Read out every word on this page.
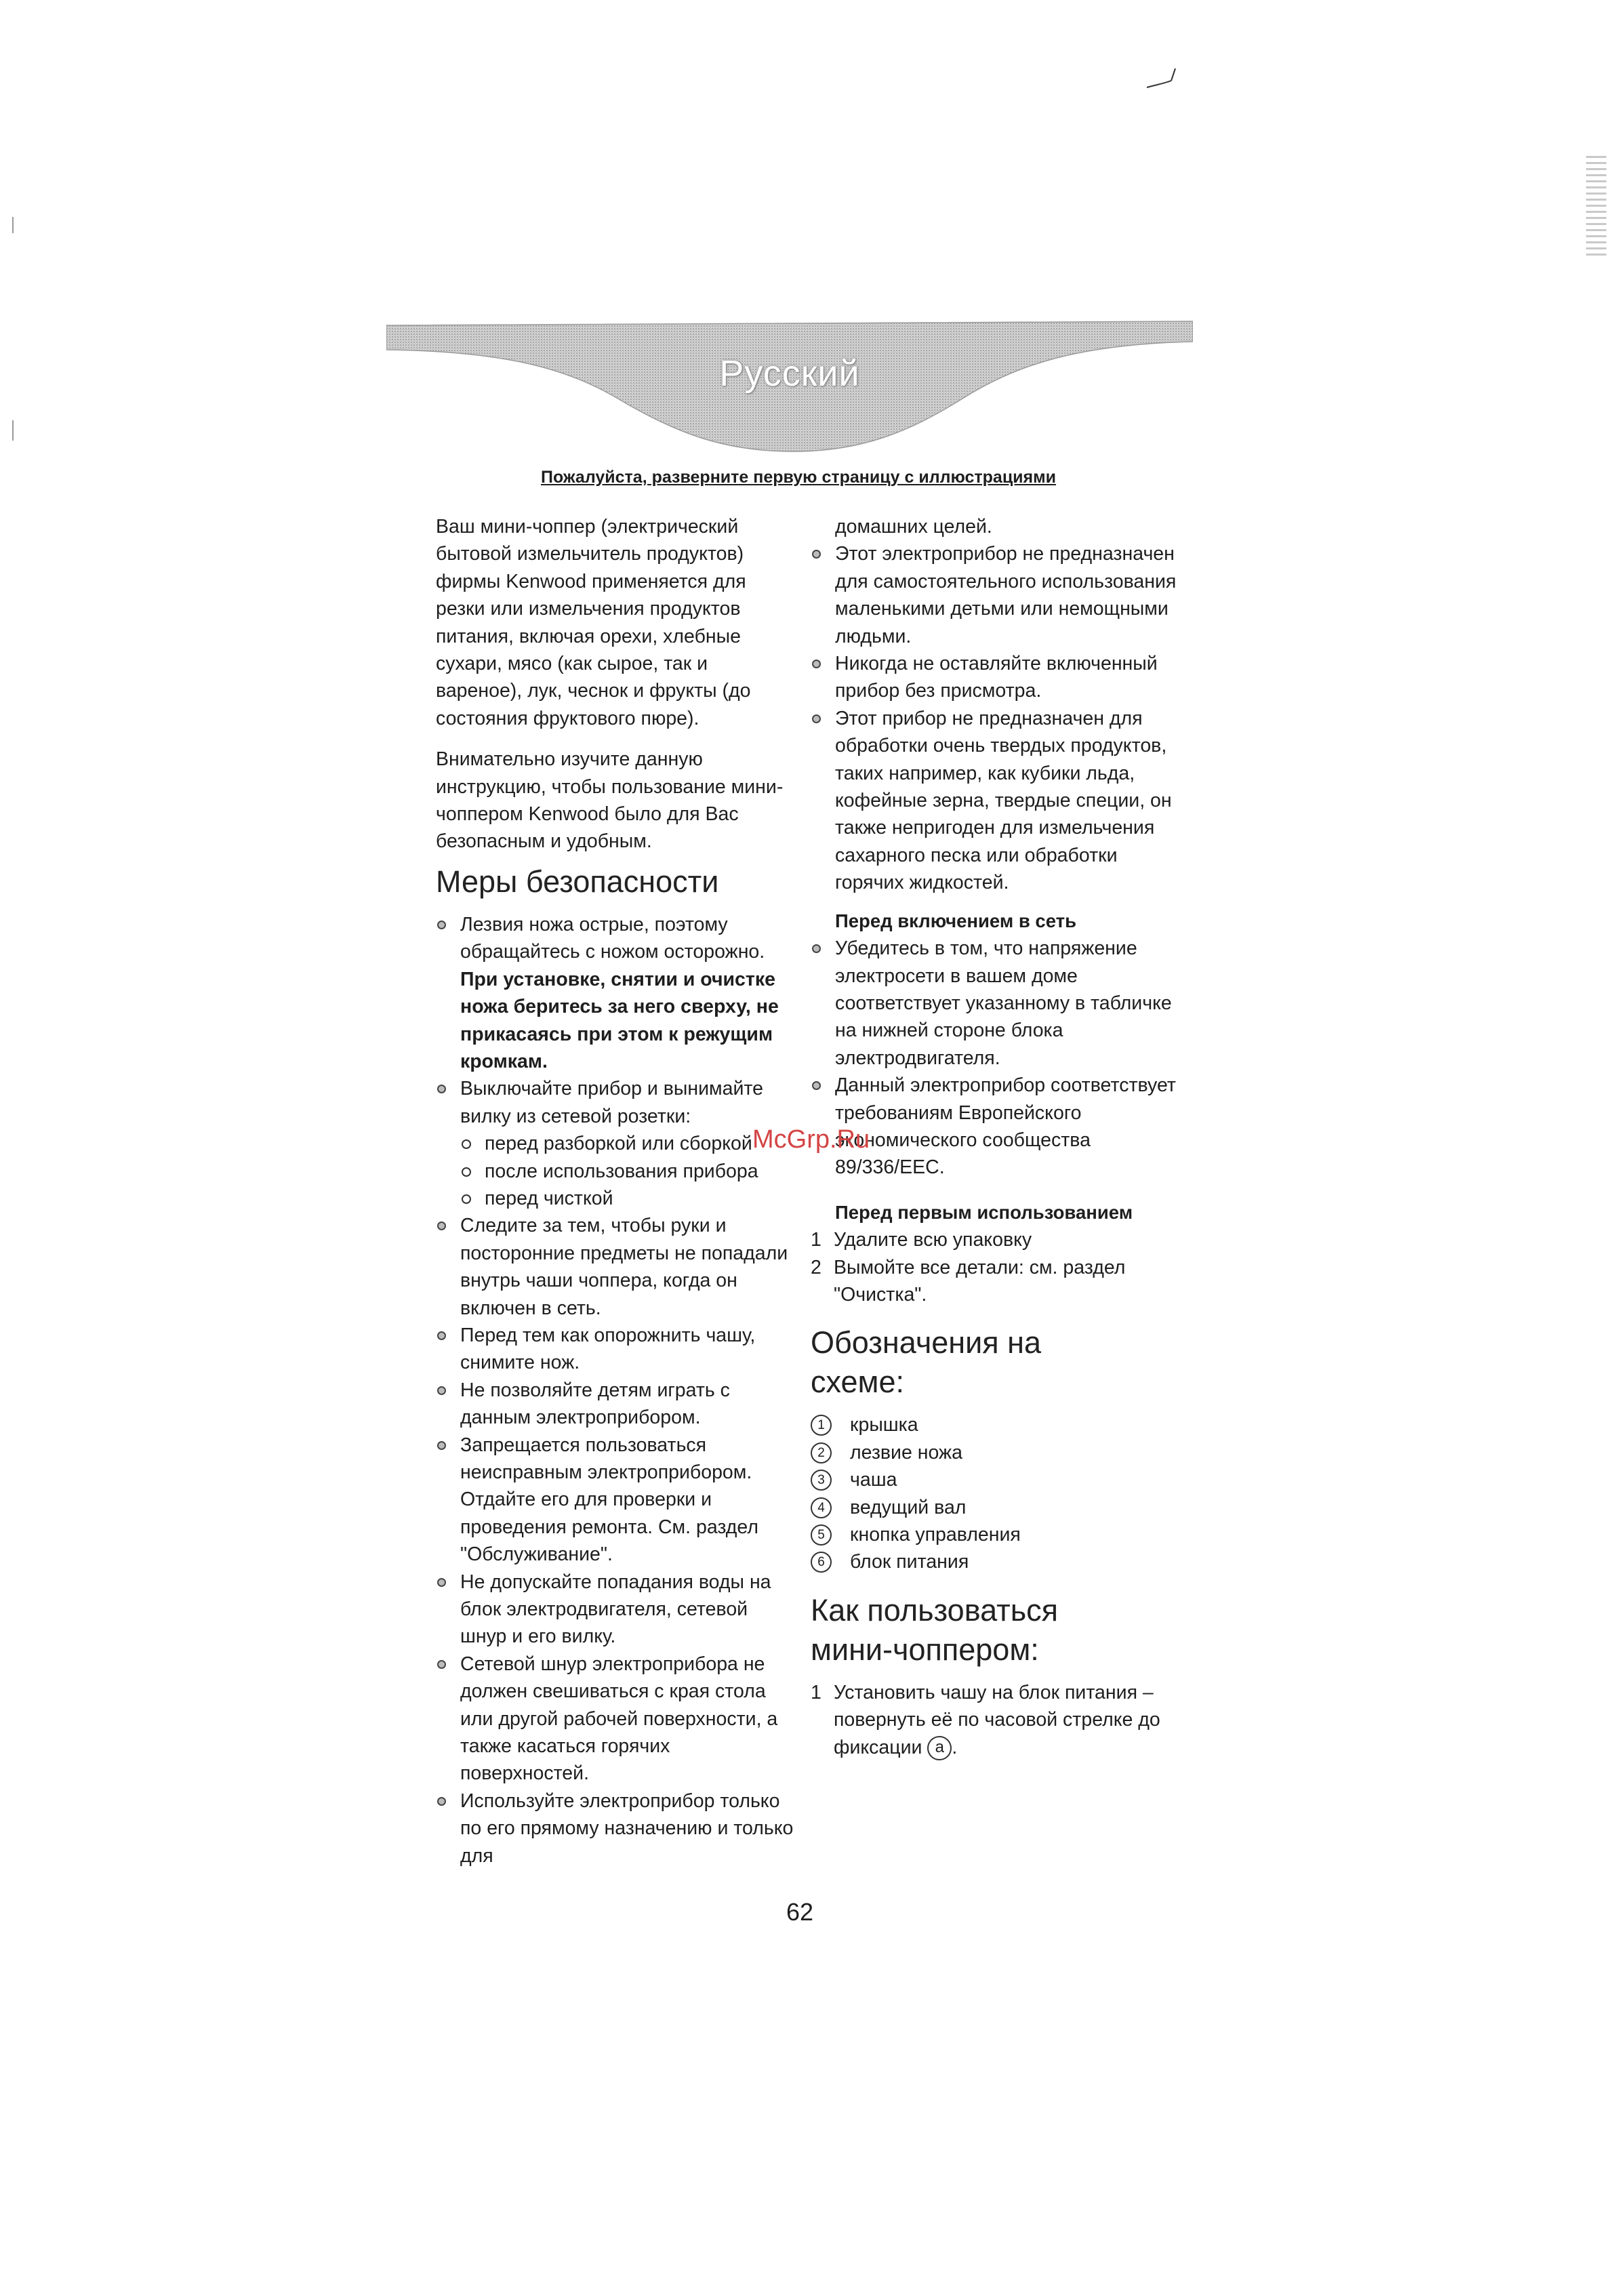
Русский
Пожалуйста, разверните первую страницу с иллюстрациями

Ваш мини-чоппер (электрический бытовой измельчитель продуктов) фирмы Kenwood применяется для резки или измельчения продуктов питания, включая орехи, хлебные сухари, мясо (как сырое, так и вареное), лук, чеснок и фрукты (до состояния фруктового пюре).

Внимательно изучите данную инструкцию, чтобы пользование мини-чоппером Kenwood было для Вас безопасным и удобным.

Меры безопасности
Лезвия ножа острые, поэтому обращайтесь с ножом осторожно. При установке, снятии и очистке ножа беритесь за него сверху, не прикасаясь при этом к режущим кромкам.
Выключайте прибор и вынимайте вилку из сетевой розетки:
перед разборкой или сборкой
после использования прибора
перед чисткой
Следите за тем, чтобы руки и посторонние предметы не попадали внутрь чаши чоппера, когда он включен в сеть.
Перед тем как опорожнить чашу, снимите нож.
Не позволяйте детям играть с данным электроприбором.
Запрещается пользоваться неисправным электроприбором. Отдайте его для проверки и проведения ремонта. См. раздел "Обслуживание".
Не допускайте попадания воды на блок электродвигателя, сетевой шнур и его вилку.
Сетевой шнур электроприбора не должен свешиваться с края стола или другой рабочей поверхности, а также касаться горячих поверхностей.
Используйте электроприбор только по его прямому назначению и только для

домашних целей.

Этот электроприбор не предназначен для самостоятельного использования маленькими детьми или немощными людьми.
Никогда не оставляйте включенный прибор без присмотра.
Этот прибор не предназначен для обработки очень твердых продуктов, таких например, как кубики льда, кофейные зерна, твердые специи, он также непригоден для измельчения сахарного песка или обработки горячих жидкостей.
Перед включением в сеть
Убедитесь в том, что напряжение электросети в вашем доме соответствует указанному в табличке на нижней стороне блока электродвигателя.
Данный электроприбор соответствует требованиям Европейского экономического сообщества 89/336/EEC.
Перед первым использованием
1 Удалите всю упаковку
2 Вымойте все детали: см. раздел "Очистка".
Обозначения на схеме:
1	крышка
2	лезвие ножа
3	чаша
4	ведущий вал
5	кнопка управления
6	блок питания
Как пользоваться мини-чоппером:
1 Установить чашу на блок питания – повернуть её по часовой стрелке до фиксации a .
McGrp.Ru
62
